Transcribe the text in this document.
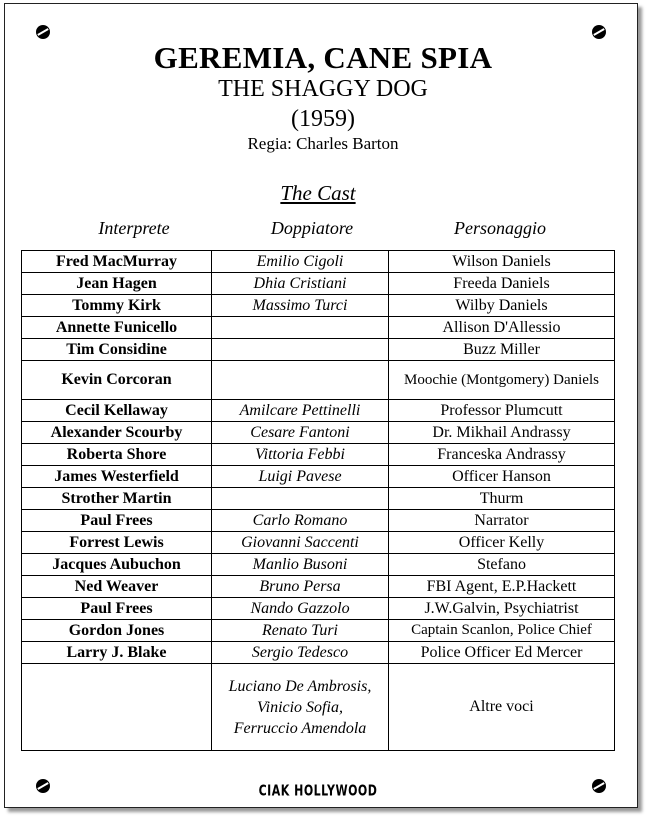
GEREMIA, CANE SPIA
THE SHAGGY DOG
(1959)
Regia: Charles Barton
The Cast
Interprete	Doppiatore	Personaggio
Fred MacMurray	Emilio Cigoli	Wilson Daniels
Jean Hagen	Dhia Cristiani	Freeda Daniels
Tommy Kirk	Massimo Turci	Wilby Daniels
Annette Funicello		Allison D'Allessio
Tim Considine		Buzz Miller
Kevin Corcoran		Moochie (Montgomery) Daniels
Cecil Kellaway	Amilcare Pettinelli	Professor Plumcutt
Alexander Scourby	Cesare Fantoni	Dr. Mikhail Andrassy
Roberta Shore	Vittoria Febbi	Franceska Andrassy
James Westerfield	Luigi Pavese	Officer Hanson
Strother Martin		Thurm
Paul Frees	Carlo Romano	Narrator
Forrest Lewis	Giovanni Saccenti	Officer Kelly
Jacques Aubuchon	Manlio Busoni	Stefano
Ned Weaver	Bruno Persa	FBI Agent, E.P.Hackett
Paul Frees	Nando Gazzolo	J.W.Galvin, Psychiatrist
Gordon Jones	Renato Turi	Captain Scanlon, Police Chief
Larry J. Blake	Sergio Tedesco	Police Officer Ed Mercer
	Luciano De Ambrosis, Vinicio Sofia, Ferruccio Amendola	Altre voci
CIAK HOLLYWOOD
